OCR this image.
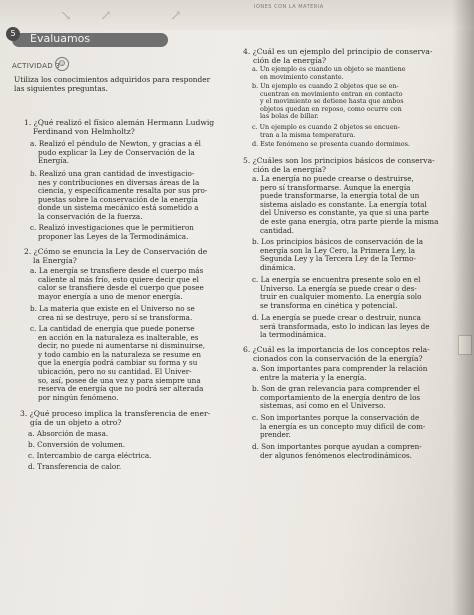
↘ ↗	↗
IONES CON LA MATERIA
5	Evaluamos
ACTIVIDAD 3
☺
Utiliza los conocimientos adquiridos para responder
las siguientes preguntas.
1. ¿Qué realizó el físico alemán Hermann Ludwig
Ferdinand von Helmholtz?
a. Realizó el péndulo de Newton, y gracias a él
pudo explicar la Ley de Conservación de la
Energía.
b. Realizó una gran cantidad de investigacio-
nes y contribuciones en diversas áreas de la
ciencia, y específicamente resalta por sus pro-
puestas sobre la conservación de la energía
donde un sistema mecánico está sometido a
la conservación de la fuerza.
c. Realizó investigaciones que le permitieron
proponer las Leyes de la Termodinámica.
2. ¿Cómo se enuncia la Ley de Conservación de
la Energía?
a. La energía se transfiere desde el cuerpo más
caliente al más frío, esto quiere decir que el
calor se transfiere desde el cuerpo que posee
mayor energía a uno de menor energía.
b. La materia que existe en el Universo no se
crea ni se destruye, pero sí se transforma.
c. La cantidad de energía que puede ponerse
en acción en la naturaleza es inalterable, es
decir, no puede ni aumentarse ni disminuirse,
y todo cambio en la naturaleza se resume en
que la energía podrá cambiar su forma y su
ubicación, pero no su cantidad. El Univer-
so, así, posee de una vez y para siempre una
reserva de energía que no podrá ser alterada
por ningún fenómeno.
3. ¿Qué proceso implica la transferencia de ener-
gía de un objeto a otro?
a. Absorción de masa.
b. Conversión de volumen.
c. Intercambio de carga eléctrica.
d. Transferencia de calor.
4. ¿Cuál es un ejemplo del principio de conserva-
ción de la energía?
a. Un ejemplo es cuando un objeto se mantiene
en movimiento constante.
b. Un ejemplo es cuando 2 objetos que se en-
cuentran en movimiento entran en contacto
y el movimiento se detiene hasta que ambos
objetos quedan en reposo, como ocurre con
las bolas de billar.
c. Un ejemplo es cuando 2 objetos se encuen-
tran a la misma temperatura.
d. Este fenómeno se presenta cuando dormimos.
5. ¿Cuáles son los principios básicos de conserva-
ción de la energía?
a. La energía no puede crearse o destruirse,
pero sí transformarse. Aunque la energía
puede transformarse, la energía total de un
sistema aislado es constante. La energía total
del Universo es constante, ya que si una parte
de este gana energía, otra parte pierde la misma
cantidad.
b. Los principios básicos de conservación de la
energía son la Ley Cero, la Primera Ley, la
Segunda Ley y la Tercera Ley de la Termo-
dinámica.
c. La energía se encuentra presente solo en el
Universo. La energía se puede crear o des-
truir en cualquier momento. La energía solo
se transforma en cinética y potencial.
d. La energía se puede crear o destruir, nunca
será transformada, esto lo indican las leyes de
la termodinámica.
6. ¿Cuál es la importancia de los conceptos rela-
cionados con la conservación de la energía?
a. Son importantes para comprender la relación
entre la materia y la energía.
b. Son de gran relevancia para comprender el
comportamiento de la energía dentro de los
sistemas, así como en el Universo.
c. Son importantes porque la conservación de
la energía es un concepto muy difícil de com-
prender.
d. Son importantes porque ayudan a compren-
der algunos fenómenos electrodinámicos.
